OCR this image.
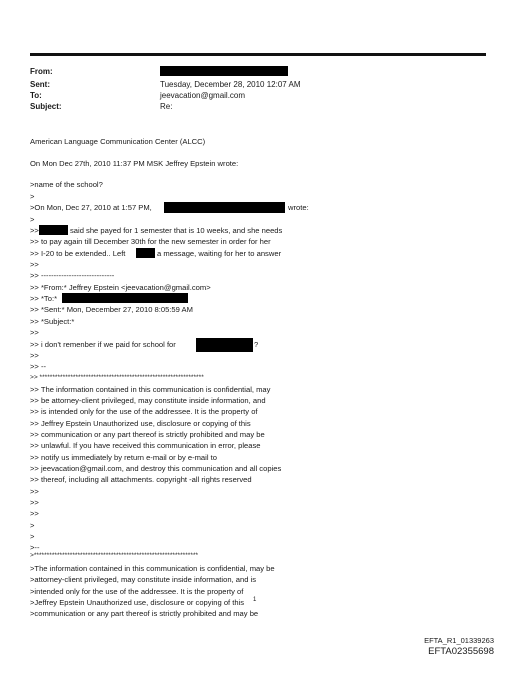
From:
Sent:	Tuesday, December 28, 2010 12:07 AM
To:	jeevacation@gmail.com
Subject:	Re:
American Language Communication Center (ALCC)
On Mon Dec 27th, 2010 11:37 PM MSK Jeffrey Epstein wrote:
>name of the school?
>
>On Mon, Dec 27, 2010 at 1:57 PM,	wrote:
>
>>	said she payed for 1 semester that is 10 weeks, and she needs
>> to pay again till December 30th for the new semester in order for her
>> I-20 to be extended.. Left	a message, waiting for her to answer
>>
>> -----------------------------
>> *From:* Jeffrey Epstein <jeevacation@gmail.com>
>> *To:*
>> *Sent:* Mon, December 27, 2010 8:05:59 AM
>> *Subject:*
>>
>> i don't remenber if we paid for school for	?
>>
>> --
>> ****************************************************************
>> The information contained in this communication is confidential, may
>> be attorney-client privileged, may constitute inside information, and
>> is intended only for the use of the addressee. It is the property of
>> Jeffrey Epstein Unauthorized use, disclosure or copying of this
>> communication or any part thereof is strictly prohibited and may be
>> unlawful. If you have received this communication in error, please
>> notify us immediately by return e-mail or by e-mail to
>> jeevacation@gmail.com, and destroy this communication and all copies
>> thereof, including all attachments. copyright -all rights reserved
>>
>>
>>
>
>
>--
>****************************************************************
>The information contained in this communication is confidential, may be
>attorney-client privileged, may constitute inside information, and is
>intended only for the use of the addressee. It is the property of
>Jeffrey Epstein Unauthorized use, disclosure or copying of this
>communication or any part thereof is strictly prohibited and may be
1
EFTA_R1_01339263
EFTA02355698
